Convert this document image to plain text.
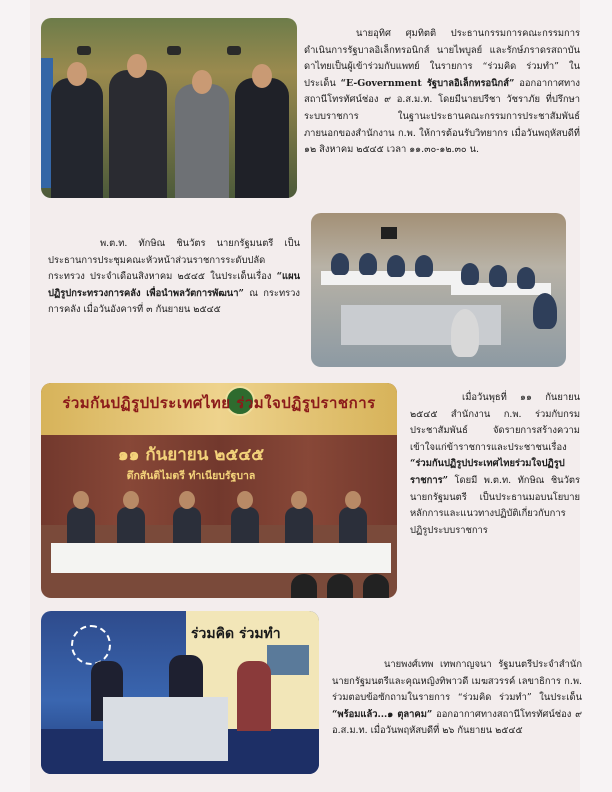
นายอุทิศ ศุมทิตติ ประธานกรรมการคณะกรรมการดำเนินการรัฐบาลอิเล็กทรอนิกส์ นายไพบูลย์ และรักษ์ภราดรสถาบันดาไทยเป็นผู้เข้าร่วมกับแพทย์ ในรายการ “ร่วมคิด ร่วมทำ” ในประเด็น “E-Government รัฐบาลอิเล็กทรอนิกส์” ออกอากาศทางสถานีโทรทัศน์ช่อง ๙ อ.ส.ม.ท. โดยมีนายปรีชา วัชราภัย ที่ปรึกษาระบบราชการ ในฐานะประธานคณะกรรมการประชาสัมพันธ์ ภายนอกของสำนักงาน ก.พ. ให้การต้อนรับวิทยากร เมื่อวันพฤหัสบดีที่ ๑๒ สิงหาคม ๒๕๔๕ เวลา ๑๑.๓๐-๑๒.๓๐ น.
พ.ต.ท. ทักษิณ ชินวัตร นายกรัฐมนตรี เป็นประธานการประชุมคณะหัวหน้าส่วนราชการระดับปลัดกระทรวง ประจำเดือนสิงหาคม ๒๕๔๕ ในประเด็นเรื่อง “แผนปฏิรูปกระทรวงการคลัง เพื่อนำพลวัตการพัฒนา” ณ กระทรวงการคลัง เมื่อวันอังคารที่ ๓ กันยายน ๒๕๔๕
ร่วมกันปฏิรูปประเทศไทย ร่วมใจปฏิรูปราชการ
๑๑ กันยายน ๒๕๔๕
ตึกสันติไมตรี ทำเนียบรัฐบาล
เมื่อวันพุธที่ ๑๑ กันยายน ๒๕๔๕ สำนักงาน ก.พ. ร่วมกับกรมประชาสัมพันธ์ จัดรายการสร้างความเข้าใจแก่ข้าราชการและประชาชนเรื่อง “ร่วมกันปฏิรูปประเทศไทยร่วมใจปฏิรูปราชการ” โดยมี พ.ต.ท. ทักษิณ ชินวัตร นายกรัฐมนตรี เป็นประธานมอบนโยบาย หลักการและแนวทางปฏิบัติเกี่ยวกับการปฏิรูประบบราชการ
ร่วมคิด ร่วมทำ
นายพงศ์เทพ เทพกาญจนา รัฐมนตรีประจำสำนักนายกรัฐมนตรีและคุณหญิงทิพาวดี เมฆสวรรค์ เลขาธิการ ก.พ. ร่วมตอบข้อซักถามในรายการ “ร่วมคิด ร่วมทำ” ในประเด็น “พร้อมแล้ว...๑ ตุลาคม” ออกอากาศทางสถานีโทรทัศน์ช่อง ๙ อ.ส.ม.ท. เมื่อวันพฤหัสบดีที่ ๒๖ กันยายน ๒๕๔๕
